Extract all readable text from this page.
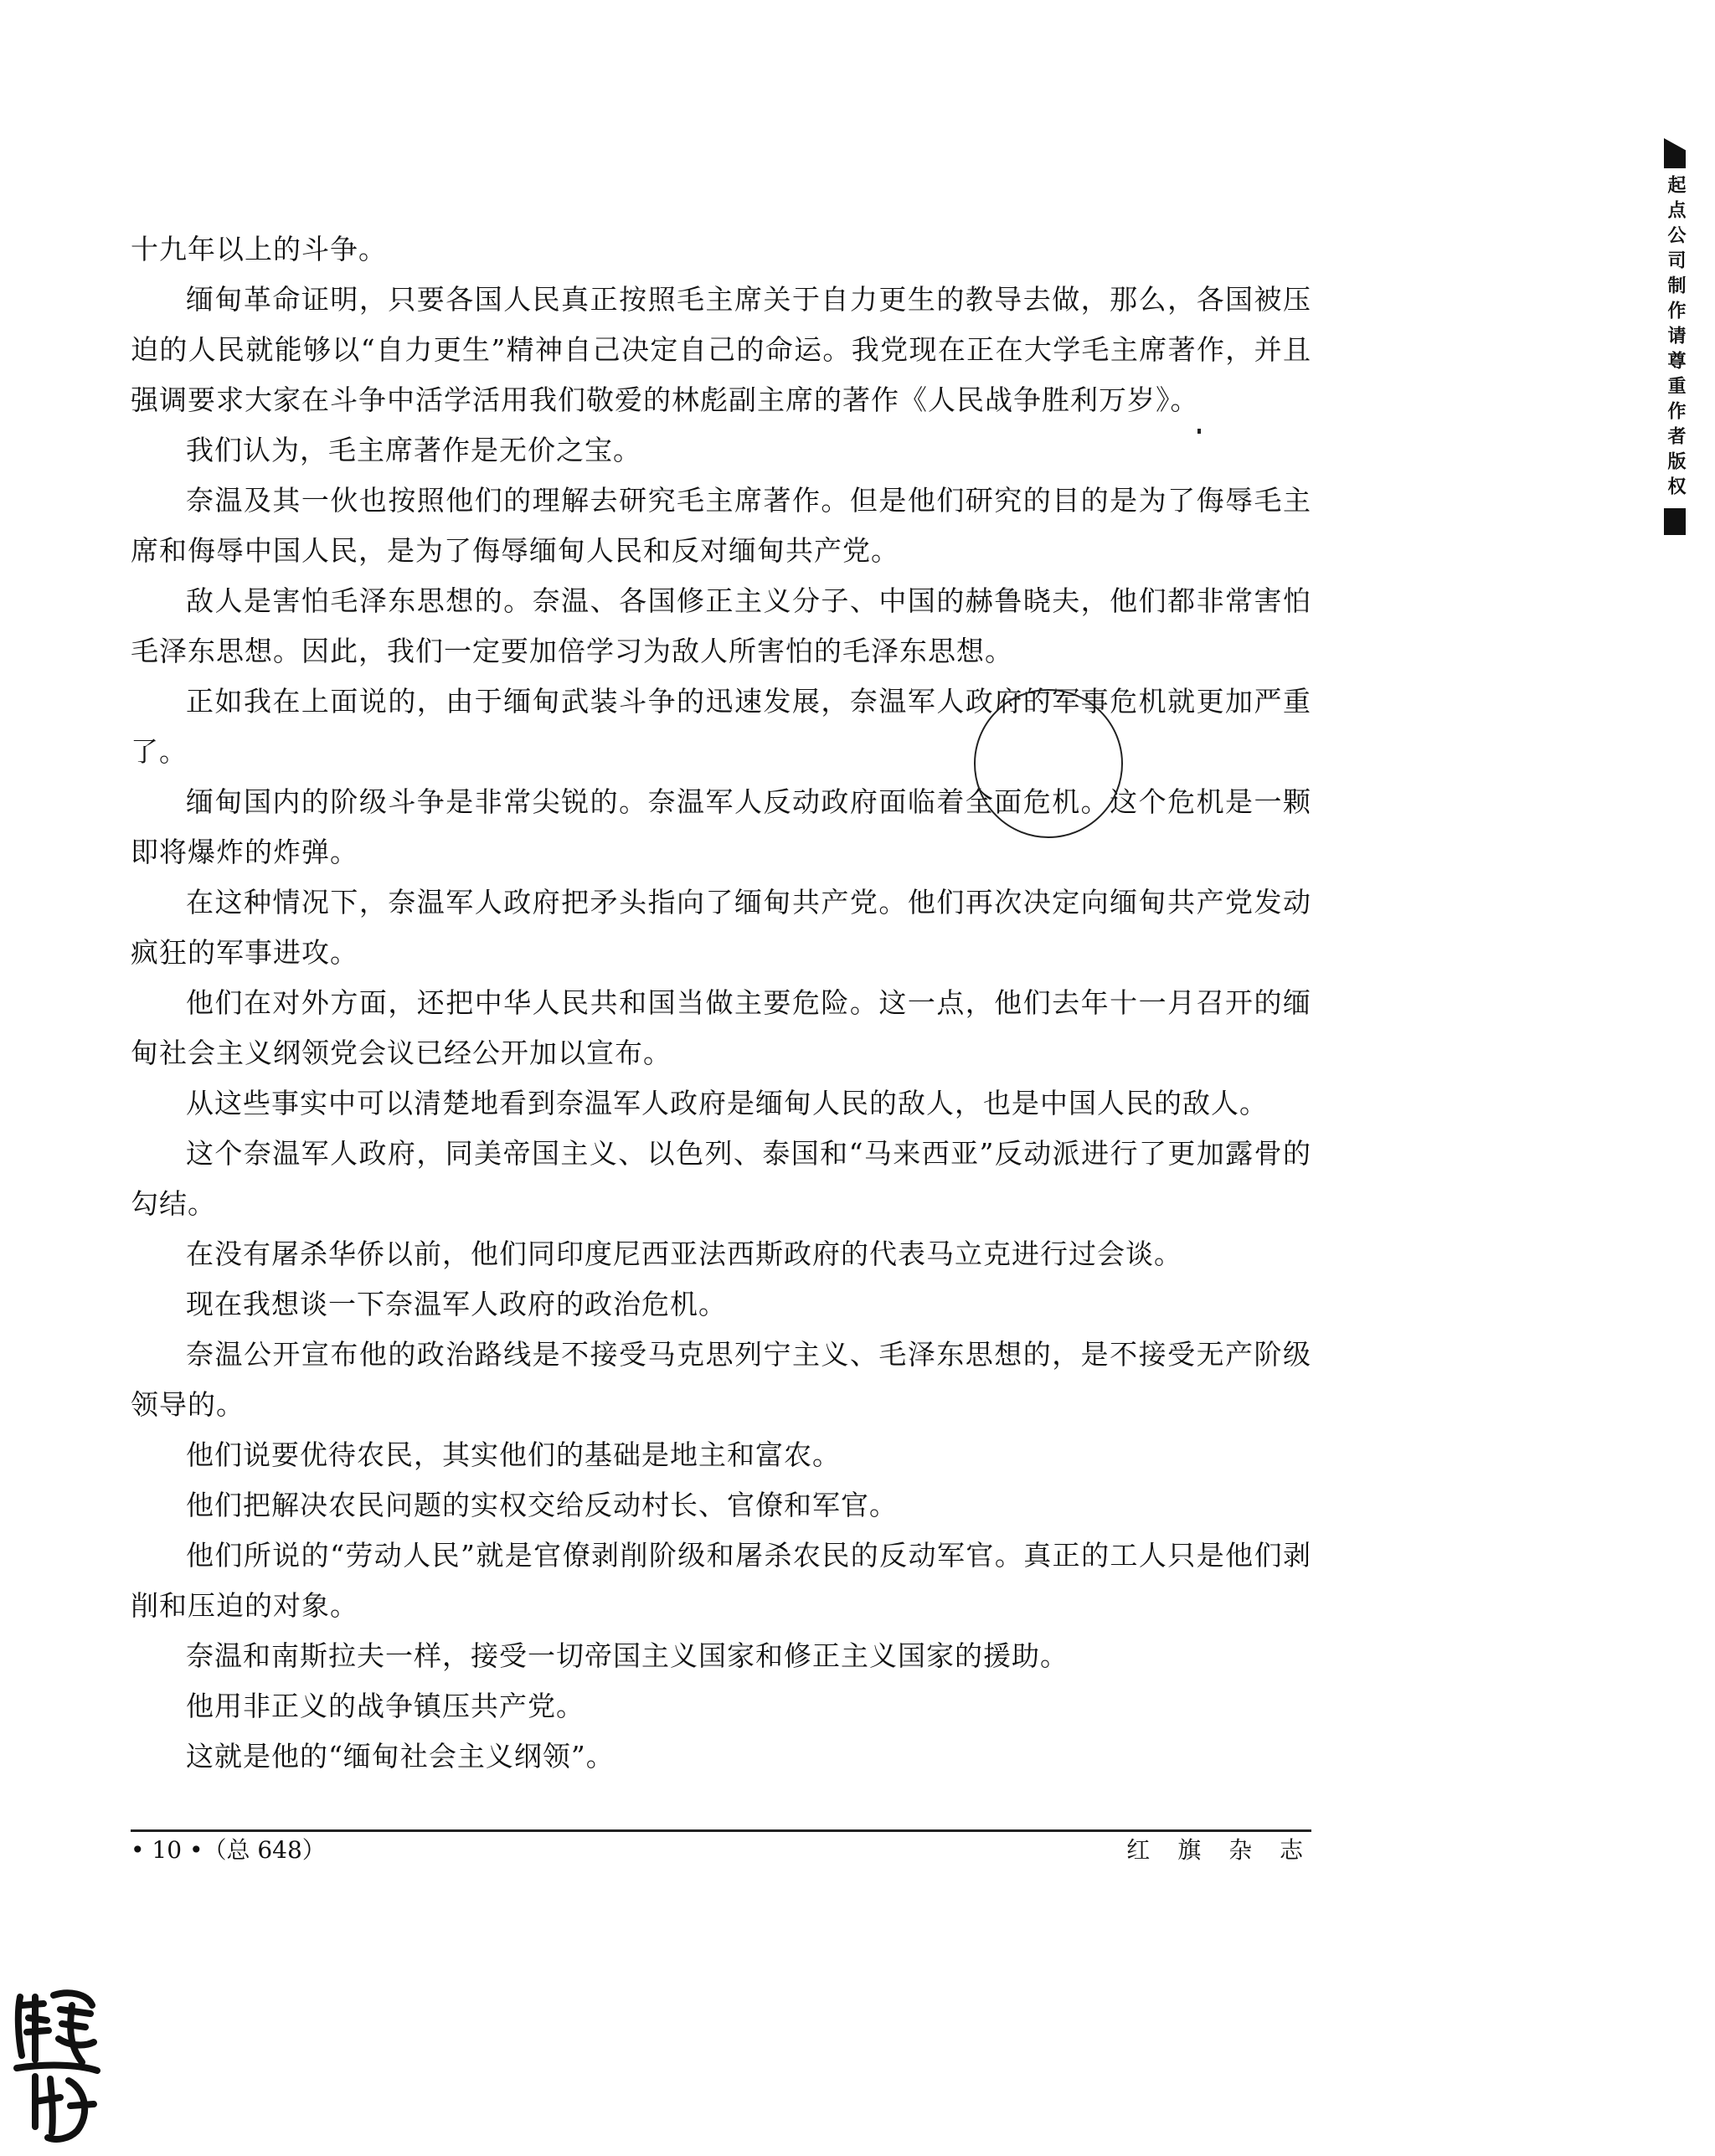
十九年以上的斗争。

缅甸革命证明，只要各国人民真正按照毛主席关于自力更生的教导去做，那么，各国被压迫的人民就能够以“自力更生”精神自己决定自己的命运。我党现在正在大学毛主席著作，并且强调要求大家在斗争中活学活用我们敬爱的林彪副主席的著作《人民战争胜利万岁》。

我们认为，毛主席著作是无价之宝。

奈温及其一伙也按照他们的理解去研究毛主席著作。但是他们研究的目的是为了侮辱毛主席和侮辱中国人民，是为了侮辱缅甸人民和反对缅甸共产党。

敌人是害怕毛泽东思想的。奈温、各国修正主义分子、中国的赫鲁晓夫，他们都非常害怕毛泽东思想。因此，我们一定要加倍学习为敌人所害怕的毛泽东思想。

正如我在上面说的，由于缅甸武装斗争的迅速发展，奈温军人政府的军事危机就更加严重了。

缅甸国内的阶级斗争是非常尖锐的。奈温军人反动政府面临着全面危机。这个危机是一颗即将爆炸的炸弹。

在这种情况下，奈温军人政府把矛头指向了缅甸共产党。他们再次决定向缅甸共产党发动疯狂的军事进攻。

他们在对外方面，还把中华人民共和国当做主要危险。这一点，他们去年十一月召开的缅甸社会主义纲领党会议已经公开加以宣布。

从这些事实中可以清楚地看到奈温军人政府是缅甸人民的敌人，也是中国人民的敌人。

这个奈温军人政府，同美帝国主义、以色列、泰国和“马来西亚”反动派进行了更加露骨的勾结。

在没有屠杀华侨以前，他们同印度尼西亚法西斯政府的代表马立克进行过会谈。

现在我想谈一下奈温军人政府的政治危机。

奈温公开宣布他的政治路线是不接受马克思列宁主义、毛泽东思想的，是不接受无产阶级领导的。

他们说要优待农民，其实他们的基础是地主和富农。

他们把解决农民问题的实权交给反动村长、官僚和军官。

他们所说的“劳动人民”就是官僚剥削阶级和屠杀农民的反动军官。真正的工人只是他们剥削和压迫的对象。

奈温和南斯拉夫一样，接受一切帝国主义国家和修正主义国家的援助。

他用非正义的战争镇压共产党。

这就是他的“缅甸社会主义纲领”。

• 10 •（总 648）	红 旗 杂 志
起点公司制作请尊重作者版权
